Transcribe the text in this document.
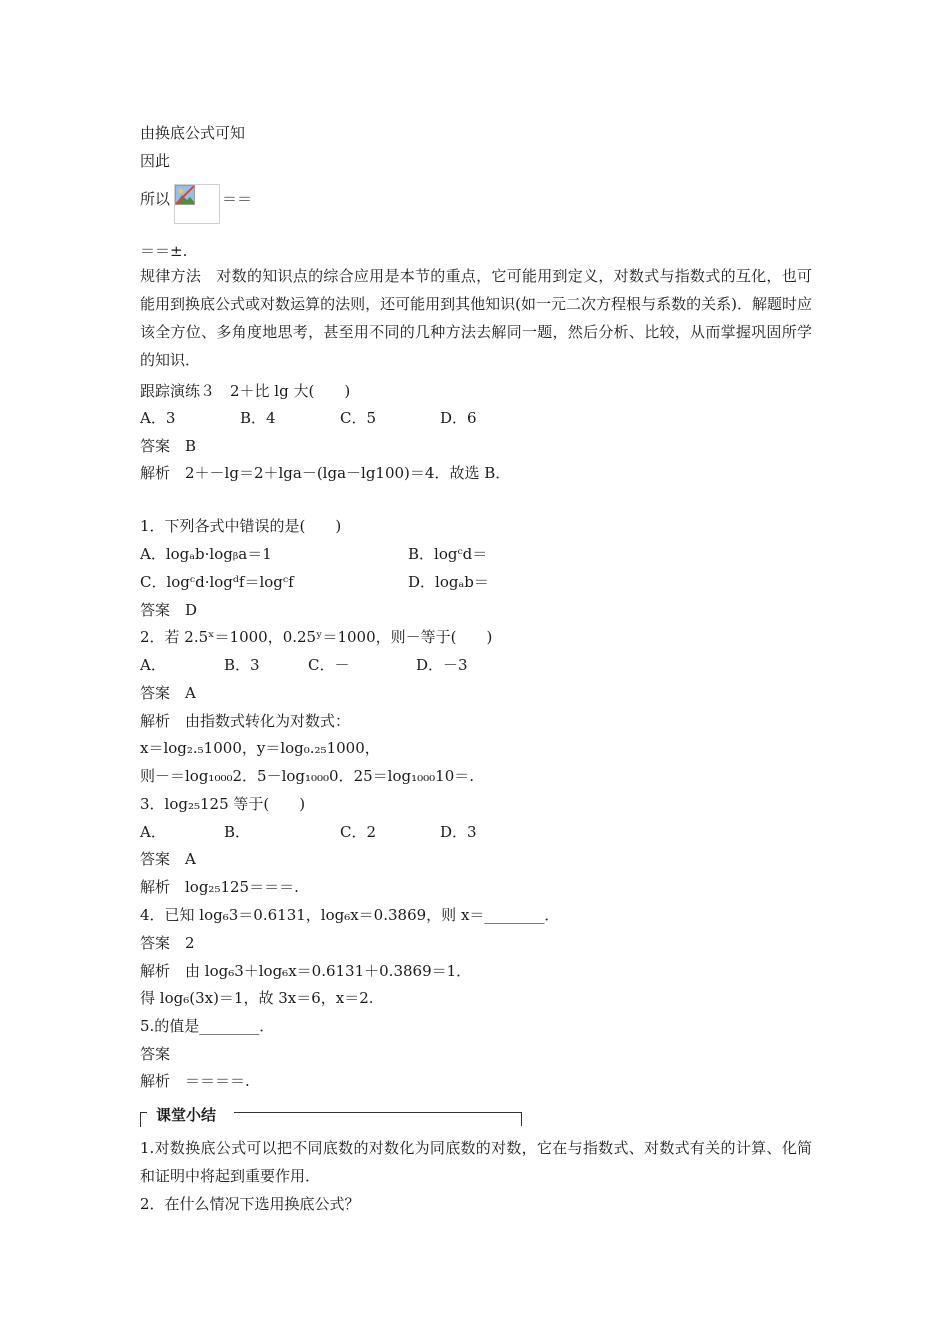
由换底公式可知
因此
所以	＝＝
＝＝±.
规律方法　对数的知识点的综合应用是本节的重点，它可能用到定义，对数式与指数式的互化，也可能用到换底公式或对数运算的法则，还可能用到其他知识(如一元二次方程根与系数的关系)．解题时应该全方位、多角度地思考，甚至用不同的几种方法去解同一题，然后分析、比较，从而掌握巩固所学的知识．
跟踪演练３　2＋比 lg 大(　　)
A．3	B．4	C．5	D．6
答案　B
解析　2＋－lg＝2＋lga－(lga－lg100)＝4．故选 B．
1．下列各式中错误的是(　　)
A．logₐb·logᵦa＝1	B．logᶜd＝
C．logᶜd·logᵈf＝logᶜf	D．logₐb＝
答案　D
2．若 2.5ˣ＝1000，0.25ʸ＝1000，则－等于(　　)
A．	B．3	C．－	D．－3
答案　A
解析　由指数式转化为对数式：
x＝log₂.₅1000，y＝log₀.₂₅1000，
则－＝log₁₀₀₀2．5－log₁₀₀₀0．25＝log₁₀₀₀10＝.
3．log₂₅125 等于(　　)
A．	B．	C．2	D．3
答案　A
解析　log₂₅125＝＝＝.
4．已知 log₆3＝0.6131，log₆x＝0.3869，则 x＝________．
答案　2
解析　由 log₆3＋log₆x＝0.6131＋0.3869＝1．
得 log₆(3x)＝1，故 3x＝6，x＝2.
5.的值是________．
答案
解析　＝＝＝＝.
课堂小结
1.对数换底公式可以把不同底数的对数化为同底数的对数，它在与指数式、对数式有关的计算、化简和证明中将起到重要作用．
2．在什么情况下选用换底公式？
